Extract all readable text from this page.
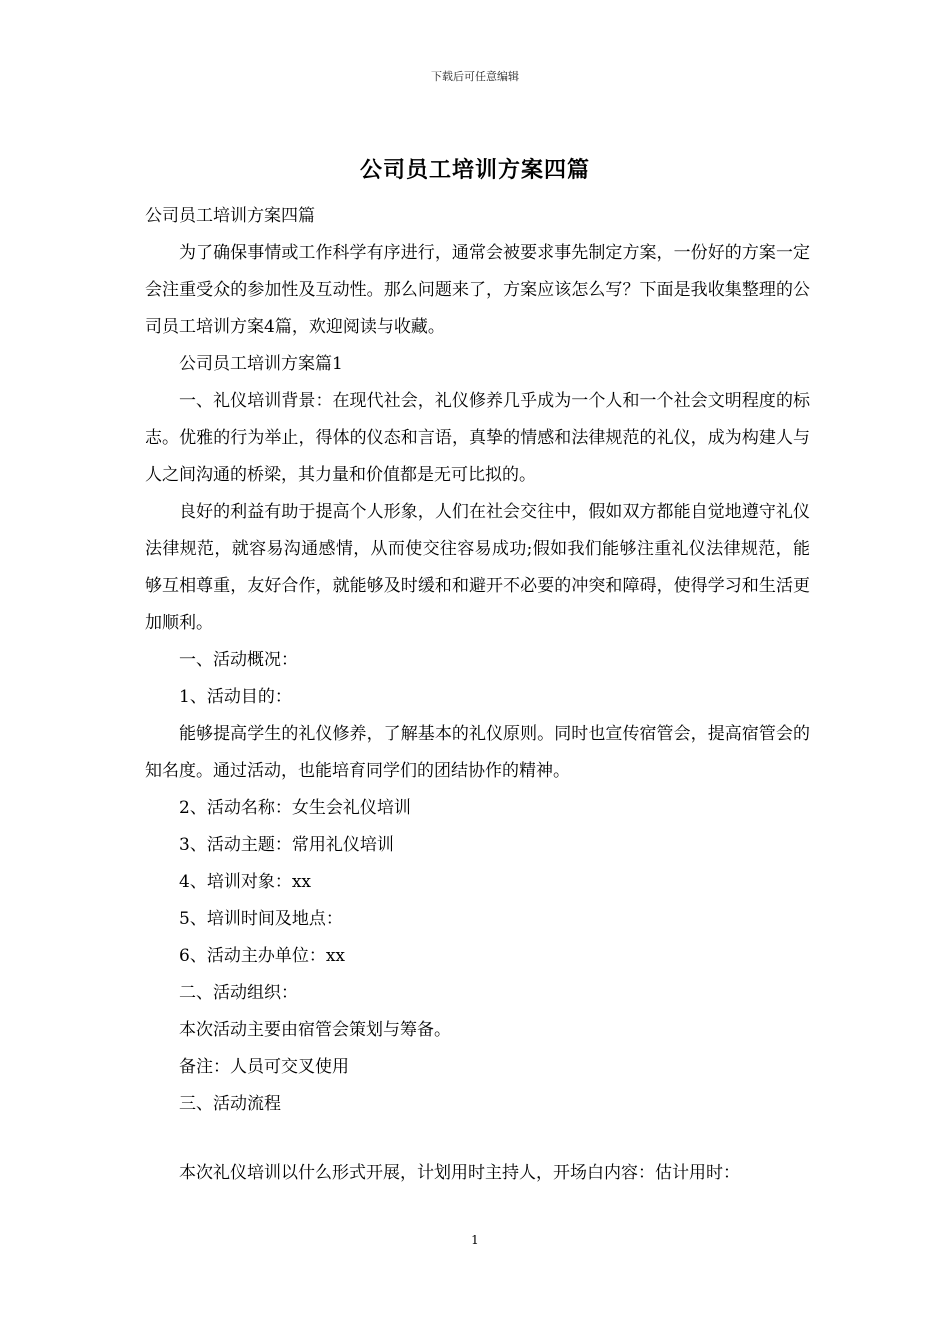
下载后可任意编辑
公司员工培训方案四篇

公司员工培训方案四篇

为了确保事情或工作科学有序进行，通常会被要求事先制定方案，一份好的方案一定会注重受众的参加性及互动性。那么问题来了，方案应该怎么写？下面是我收集整理的公司员工培训方案4篇，欢迎阅读与收藏。

公司员工培训方案篇1

一、礼仪培训背景：在现代社会，礼仪修养几乎成为一个人和一个社会文明程度的标志。优雅的行为举止，得体的仪态和言语，真挚的情感和法律规范的礼仪，成为构建人与人之间沟通的桥梁，其力量和价值都是无可比拟的。

良好的利益有助于提高个人形象，人们在社会交往中，假如双方都能自觉地遵守礼仪法律规范，就容易沟通感情，从而使交往容易成功;假如我们能够注重礼仪法律规范，能够互相尊重，友好合作，就能够及时缓和和避开不必要的冲突和障碍，使得学习和生活更加顺利。

一、活动概况：

1、活动目的：

能够提高学生的礼仪修养，了解基本的礼仪原则。同时也宣传宿管会，提高宿管会的知名度。通过活动，也能培育同学们的团结协作的精神。

2、活动名称：女生会礼仪培训

3、活动主题：常用礼仪培训

4、培训对象：xx

5、培训时间及地点：

6、活动主办单位：xx

二、活动组织：

本次活动主要由宿管会策划与筹备。

备注：人员可交叉使用

三、活动流程

本次礼仪培训以什么形式开展，计划用时主持人，开场白内容：估计用时：

1
